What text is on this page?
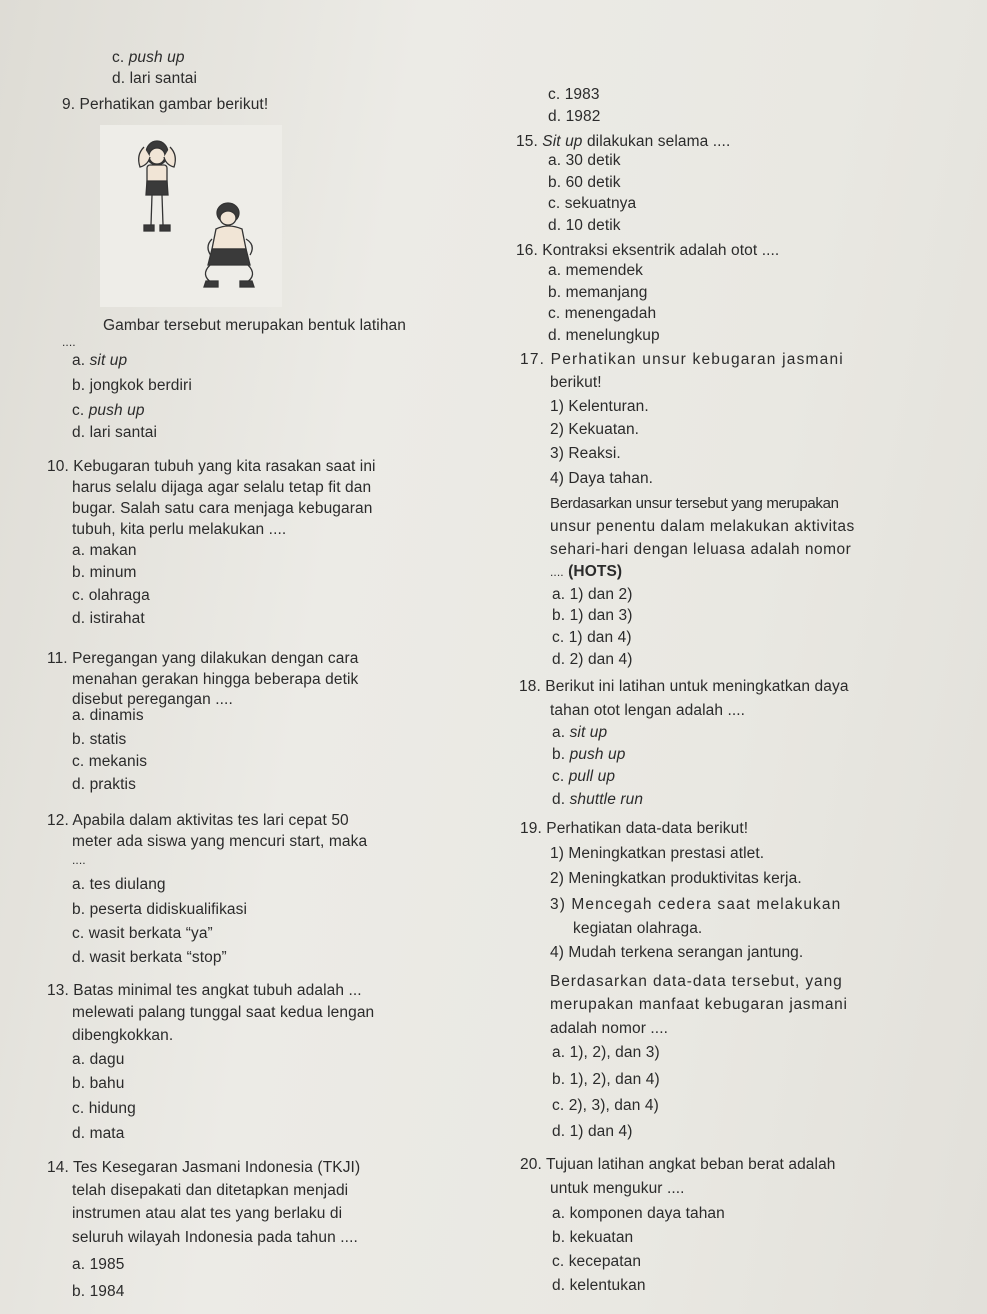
c. push up
d. lari santai
9. Perhatikan gambar berikut!
Gambar tersebut merupakan bentuk latihan
....
a. sit up
b. jongkok berdiri
c. push up
d. lari santai
10. Kebugaran tubuh yang kita rasakan saat ini
harus selalu dijaga agar selalu tetap fit dan
bugar. Salah satu cara menjaga kebugaran
tubuh, kita perlu melakukan ....
a. makan
b. minum
c. olahraga
d. istirahat
11. Peregangan yang dilakukan dengan cara
menahan gerakan hingga beberapa detik
disebut peregangan ....
a. dinamis
b. statis
c. mekanis
d. praktis
12. Apabila dalam aktivitas tes lari cepat 50
meter ada siswa yang mencuri start, maka
....
a. tes diulang
b. peserta didiskualifikasi
c. wasit berkata “ya”
d. wasit berkata “stop”
13. Batas minimal tes angkat tubuh adalah ...
melewati palang tunggal saat kedua lengan
dibengkokkan.
a. dagu
b. bahu
c. hidung
d. mata
14. Tes Kesegaran Jasmani Indonesia (TKJI)
telah disepakati dan ditetapkan menjadi
instrumen atau alat tes yang berlaku di
seluruh wilayah Indonesia pada tahun ....
a. 1985
b. 1984
c. 1983
d. 1982
15. Sit up dilakukan selama ....
a. 30 detik
b. 60 detik
c. sekuatnya
d. 10 detik
16. Kontraksi eksentrik adalah otot ....
a. memendek
b. memanjang
c. menengadah
d. menelungkup
17. Perhatikan unsur kebugaran jasmani
berikut!
1) Kelenturan.
2) Kekuatan.
3) Reaksi.
4) Daya tahan.
Berdasarkan unsur tersebut yang merupakan
unsur penentu dalam melakukan aktivitas
sehari-hari dengan leluasa adalah nomor
.... (HOTS)
a. 1) dan 2)
b. 1) dan 3)
c. 1) dan 4)
d. 2) dan 4)
18. Berikut ini latihan untuk meningkatkan daya
tahan otot lengan adalah ....
a. sit up
b. push up
c. pull up
d. shuttle run
19. Perhatikan data-data berikut!
1) Meningkatkan prestasi atlet.
2) Meningkatkan produktivitas kerja.
3) Mencegah cedera saat melakukan
kegiatan olahraga.
4) Mudah terkena serangan jantung.
Berdasarkan data-data tersebut, yang
merupakan manfaat kebugaran jasmani
adalah nomor ....
a. 1), 2), dan 3)
b. 1), 2), dan 4)
c. 2), 3), dan 4)
d. 1) dan 4)
20. Tujuan latihan angkat beban berat adalah
untuk mengukur ....
a. komponen daya tahan
b. kekuatan
c. kecepatan
d. kelentukan
